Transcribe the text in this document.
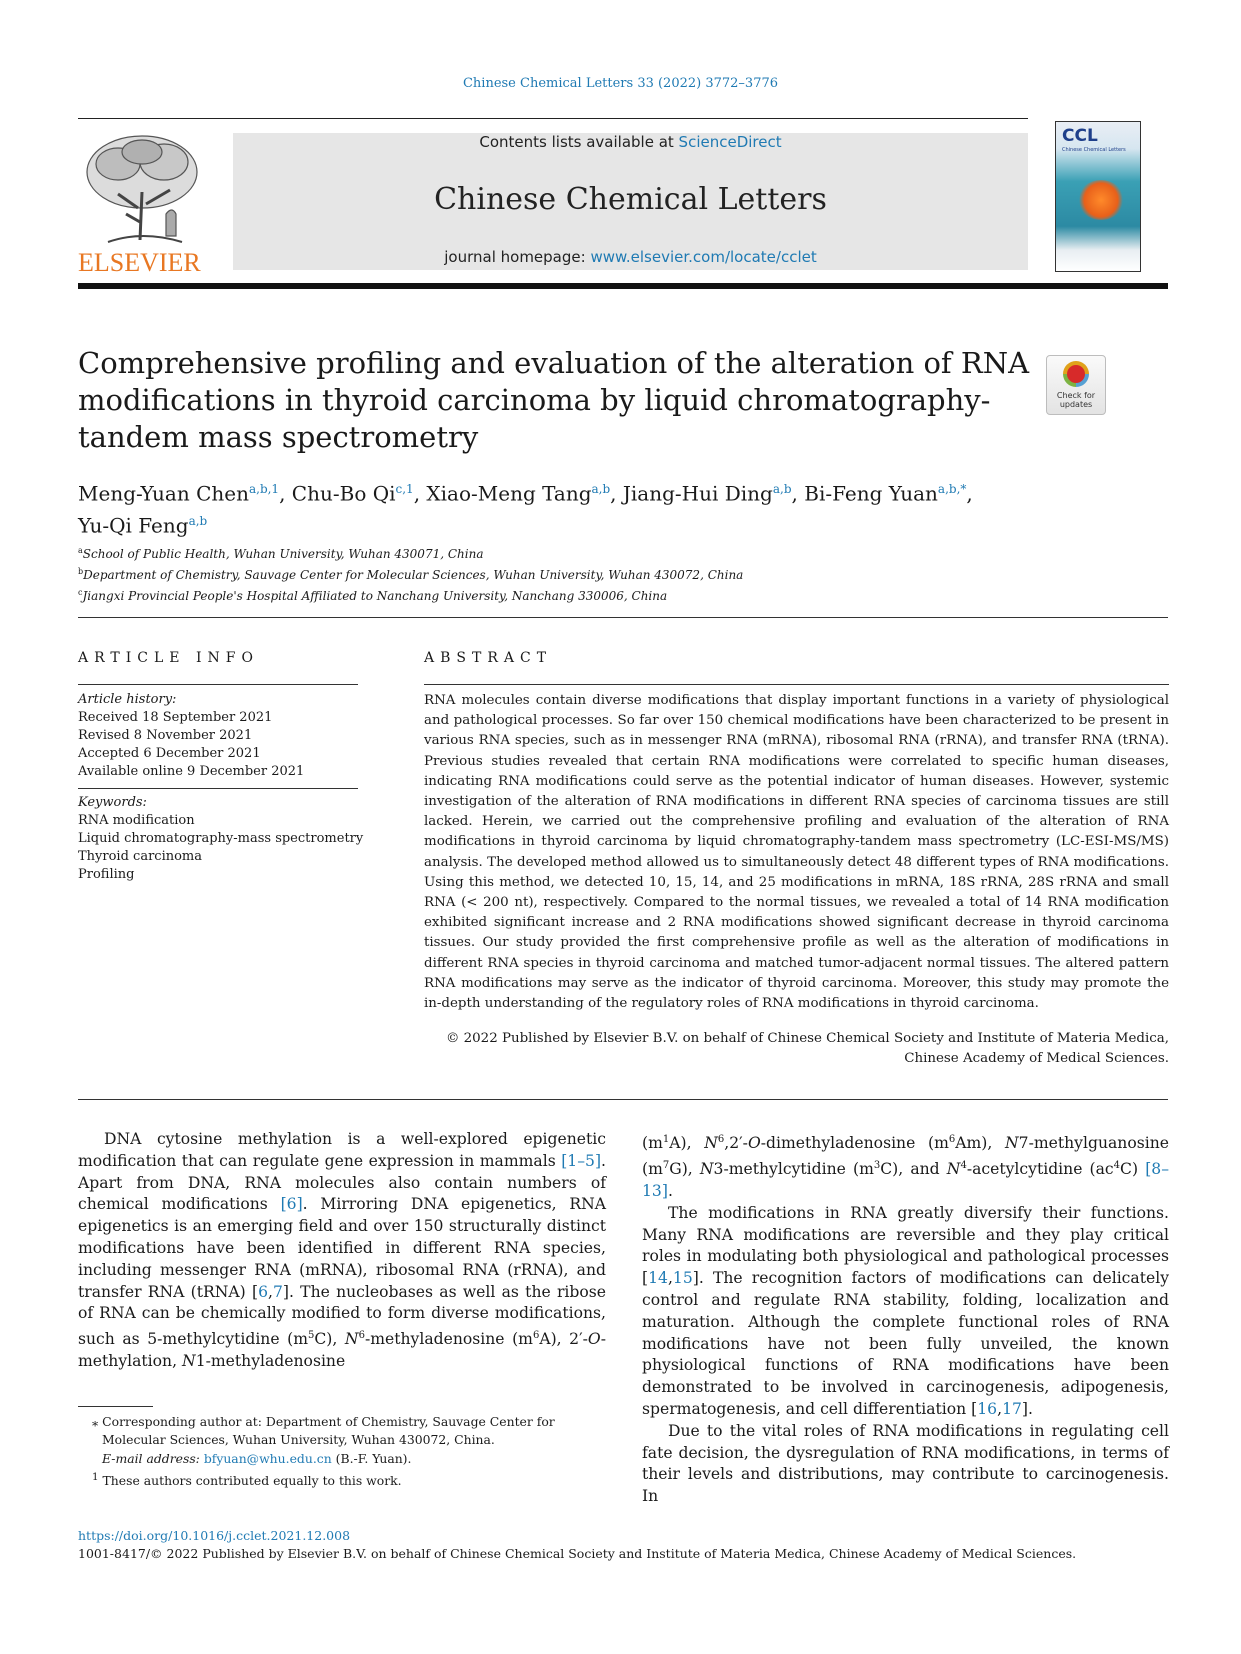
Chinese Chemical Letters 33 (2022) 3772–3776
ELSEVIER
Contents lists available at ScienceDirect
Chinese Chemical Letters
journal homepage: www.elsevier.com/locate/cclet
CCL
Chinese Chemical Letters
Comprehensive profiling and evaluation of the alteration of RNA modifications in thyroid carcinoma by liquid chromatography-tandem mass spectrometry
Check for updates
Meng-Yuan Chen$^{a,b,1}$, Chu-Bo Qi$^{c,1}$, Xiao-Meng Tang$^{a,b}$, Jiang-Hui Ding$^{a,b}$, Bi-Feng Yuan$^{a,b,*}$,
Yu-Qi Feng$^{a,b}$
$^a$School of Public Health, Wuhan University, Wuhan 430071, China
$^b$Department of Chemistry, Sauvage Center for Molecular Sciences, Wuhan University, Wuhan 430072, China
$^c$Jiangxi Provincial People's Hospital Affiliated to Nanchang University, Nanchang 330006, China
ARTICLE INFO
Article history:
Received 18 September 2021
Revised 8 November 2021
Accepted 6 December 2021
Available online 9 December 2021
Keywords:
RNA modification
Liquid chromatography-mass spectrometry
Thyroid carcinoma
Profiling
ABSTRACT
RNA molecules contain diverse modifications that display important functions in a variety of physiological and pathological processes. So far over 150 chemical modifications have been characterized to be present in various RNA species, such as in messenger RNA (mRNA), ribosomal RNA (rRNA), and transfer RNA (tRNA). Previous studies revealed that certain RNA modifications were correlated to specific human diseases, indicating RNA modifications could serve as the potential indicator of human diseases. However, systemic investigation of the alteration of RNA modifications in different RNA species of carcinoma tissues are still lacked. Herein, we carried out the comprehensive profiling and evaluation of the alteration of RNA modifications in thyroid carcinoma by liquid chromatography-tandem mass spectrometry (LC-ESI-MS/MS) analysis. The developed method allowed us to simultaneously detect 48 different types of RNA modifications. Using this method, we detected 10, 15, 14, and 25 modifications in mRNA, 18S rRNA, 28S rRNA and small RNA (< 200 nt), respectively. Compared to the normal tissues, we revealed a total of 14 RNA modification exhibited significant increase and 2 RNA modifications showed significant decrease in thyroid carcinoma tissues. Our study provided the first comprehensive profile as well as the alteration of modifications in different RNA species in thyroid carcinoma and matched tumor-adjacent normal tissues. The altered pattern RNA modifications may serve as the indicator of thyroid carcinoma. Moreover, this study may promote the in-depth understanding of the regulatory roles of RNA modifications in thyroid carcinoma.
© 2022 Published by Elsevier B.V. on behalf of Chinese Chemical Society and Institute of Materia Medica, Chinese Academy of Medical Sciences.

DNA cytosine methylation is a well-explored epigenetic modification that can regulate gene expression in mammals [1–5]. Apart from DNA, RNA molecules also contain numbers of chemical modifications [6]. Mirroring DNA epigenetics, RNA epigenetics is an emerging field and over 150 structurally distinct modifications have been identified in different RNA species, including messenger RNA (mRNA), ribosomal RNA (rRNA), and transfer RNA (tRNA) [6,7]. The nucleobases as well as the ribose of RNA can be chemically modified to form diverse modifications, such as 5-methylcytidine $(m^5C)$, $N^6$-methyladenosine $(m^6A)$, 2′-O-methylation, N1-methyladenosine

$(m^1A)$, $N^6,2'-O$-dimethyladenosine $(m^6Am)$, N7-methylguanosine $(m^7G)$, N3-methylcytidine $(m^3C)$, and $N^4$-acetylcytidine $(ac^4C)$ [8–13].

The modifications in RNA greatly diversify their functions. Many RNA modifications are reversible and they play critical roles in modulating both physiological and pathological processes [14,15]. The recognition factors of modifications can delicately control and regulate RNA stability, folding, localization and maturation. Although the complete functional roles of RNA modifications have not been fully unveiled, the known physiological functions of RNA modifications have been demonstrated to be involved in carcinogenesis, adipogenesis, spermatogenesis, and cell differentiation [16,17].

Due to the vital roles of RNA modifications in regulating cell fate decision, the dysregulation of RNA modifications, in terms of their levels and distributions, may contribute to carcinogenesis. In

⁎ Corresponding author at: Department of Chemistry, Sauvage Center for Molecular Sciences, Wuhan University, Wuhan 430072, China.

E-mail address: bfyuan@whu.edu.cn (B.-F. Yuan).

$^1$ These authors contributed equally to this work.

https://doi.org/10.1016/j.cclet.2021.12.008
1001-8417/© 2022 Published by Elsevier B.V. on behalf of Chinese Chemical Society and Institute of Materia Medica, Chinese Academy of Medical Sciences.
